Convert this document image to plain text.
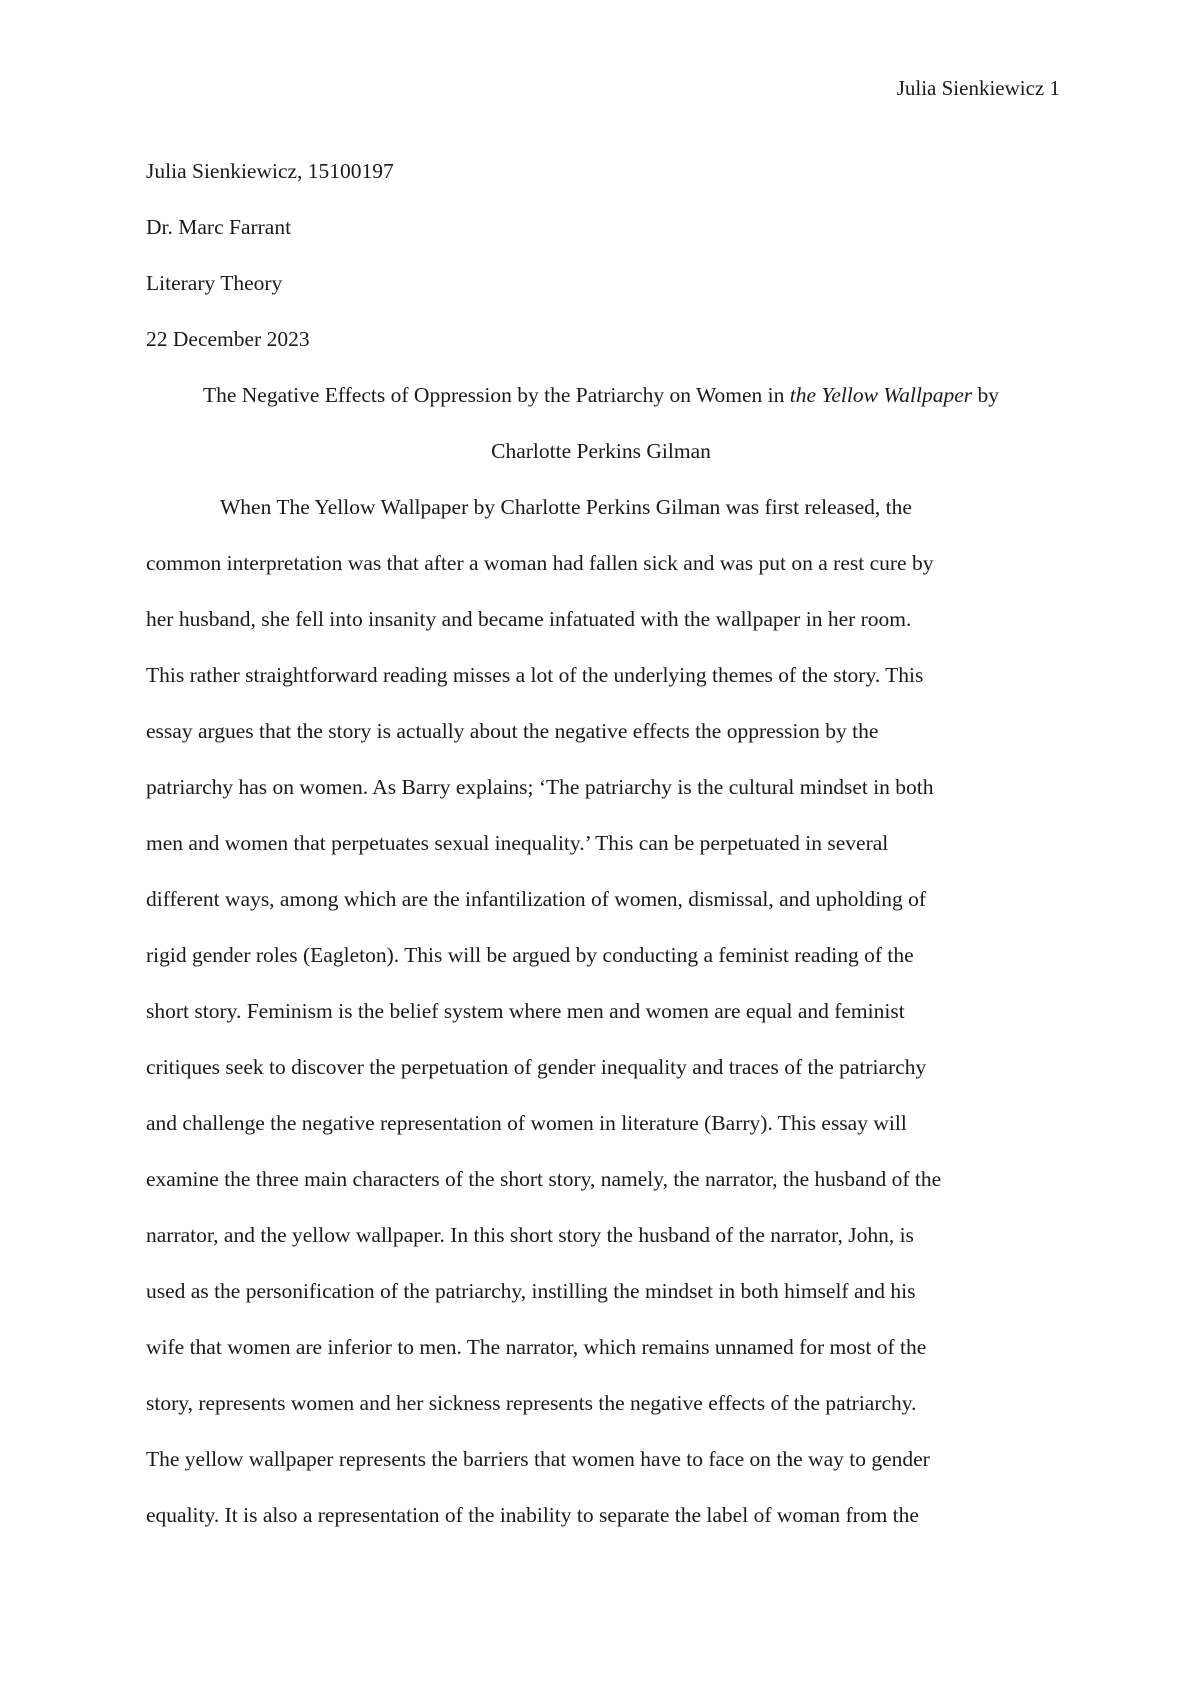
Julia Sienkiewicz 1

Julia Sienkiewicz, 15100197

Dr. Marc Farrant

Literary Theory

22 December 2023

The Negative Effects of Oppression by the Patriarchy on Women in the Yellow Wallpaper by

Charlotte Perkins Gilman

When The Yellow Wallpaper by Charlotte Perkins Gilman was first released, the
common interpretation was that after a woman had fallen sick and was put on a rest cure by
her husband, she fell into insanity and became infatuated with the wallpaper in her room.
This rather straightforward reading misses a lot of the underlying themes of the story. This
essay argues that the story is actually about the negative effects the oppression by the
patriarchy has on women. As Barry explains; ‘The patriarchy is the cultural mindset in both
men and women that perpetuates sexual inequality.’ This can be perpetuated in several
different ways, among which are the infantilization of women, dismissal, and upholding of
rigid gender roles (Eagleton). This will be argued by conducting a feminist reading of the
short story. Feminism is the belief system where men and women are equal and feminist
critiques seek to discover the perpetuation of gender inequality and traces of the patriarchy
and challenge the negative representation of women in literature (Barry). This essay will
examine the three main characters of the short story, namely, the narrator, the husband of the
narrator, and the yellow wallpaper. In this short story the husband of the narrator, John, is
used as the personification of the patriarchy, instilling the mindset in both himself and his
wife that women are inferior to men. The narrator, which remains unnamed for most of the
story, represents women and her sickness represents the negative effects of the patriarchy.
The yellow wallpaper represents the barriers that women have to face on the way to gender
equality. It is also a representation of the inability to separate the label of woman from the
